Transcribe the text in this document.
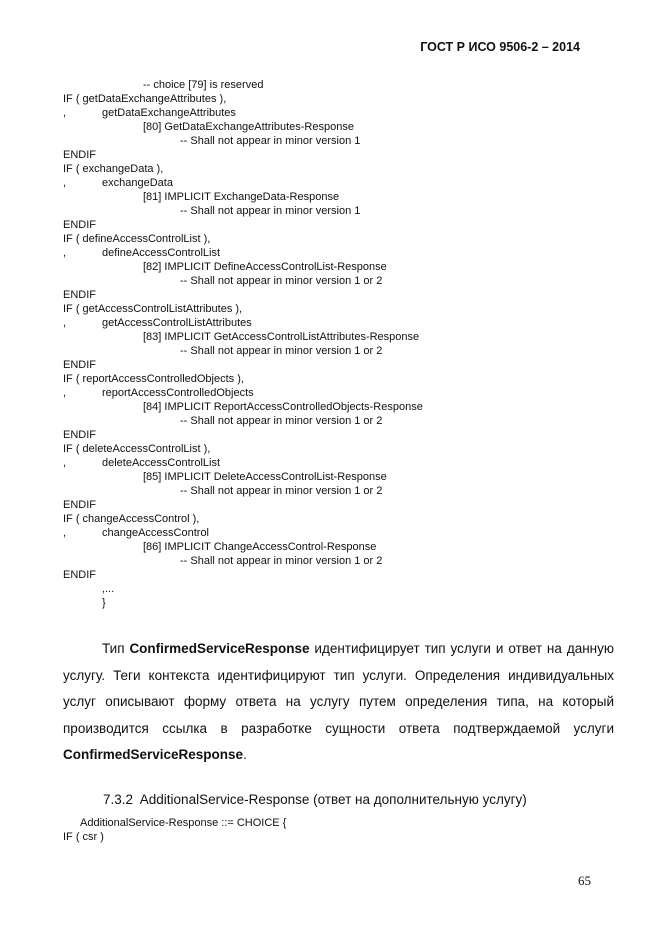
ГОСТ Р ИСО 9506-2 – 2014
-- choice [79] is reserved
IF ( getDataExchangeAttributes ),
,	getDataExchangeAttributes
[80] GetDataExchangeAttributes-Response
-- Shall not appear in minor version 1
ENDIF
IF ( exchangeData ),
,	exchangeData
[81] IMPLICIT ExchangeData-Response
-- Shall not appear in minor version 1
ENDIF
IF ( defineAccessControlList ),
,	defineAccessControlList
[82] IMPLICIT DefineAccessControlList-Response
-- Shall not appear in minor version 1 or 2
ENDIF
IF ( getAccessControlListAttributes ),
,	getAccessControlListAttributes
[83] IMPLICIT GetAccessControlListAttributes-Response
-- Shall not appear in minor version 1 or 2
ENDIF
IF ( reportAccessControlledObjects ),
,	reportAccessControlledObjects
[84] IMPLICIT ReportAccessControlledObjects-Response
-- Shall not appear in minor version 1 or 2
ENDIF
IF ( deleteAccessControlList ),
,	deleteAccessControlList
[85] IMPLICIT DeleteAccessControlList-Response
-- Shall not appear in minor version 1 or 2
ENDIF
IF ( changeAccessControl ),
,	changeAccessControl
[86] IMPLICIT ChangeAccessControl-Response
-- Shall not appear in minor version 1 or 2
ENDIF
,...
}

Тип ConfirmedServiceResponse идентифицирует тип услуги и ответ на данную услугу. Теги контекста идентифицируют тип услуги. Определения индивидуальных услуг описывают форму ответа на услугу путем определения типа, на который производится ссылка в разработке сущности ответа подтверждаемой услуги ConfirmedServiceResponse.

7.3.2  AdditionalService-Response (ответ на дополнительную услугу)
AdditionalService-Response ::= CHOICE {
IF ( csr )
65
